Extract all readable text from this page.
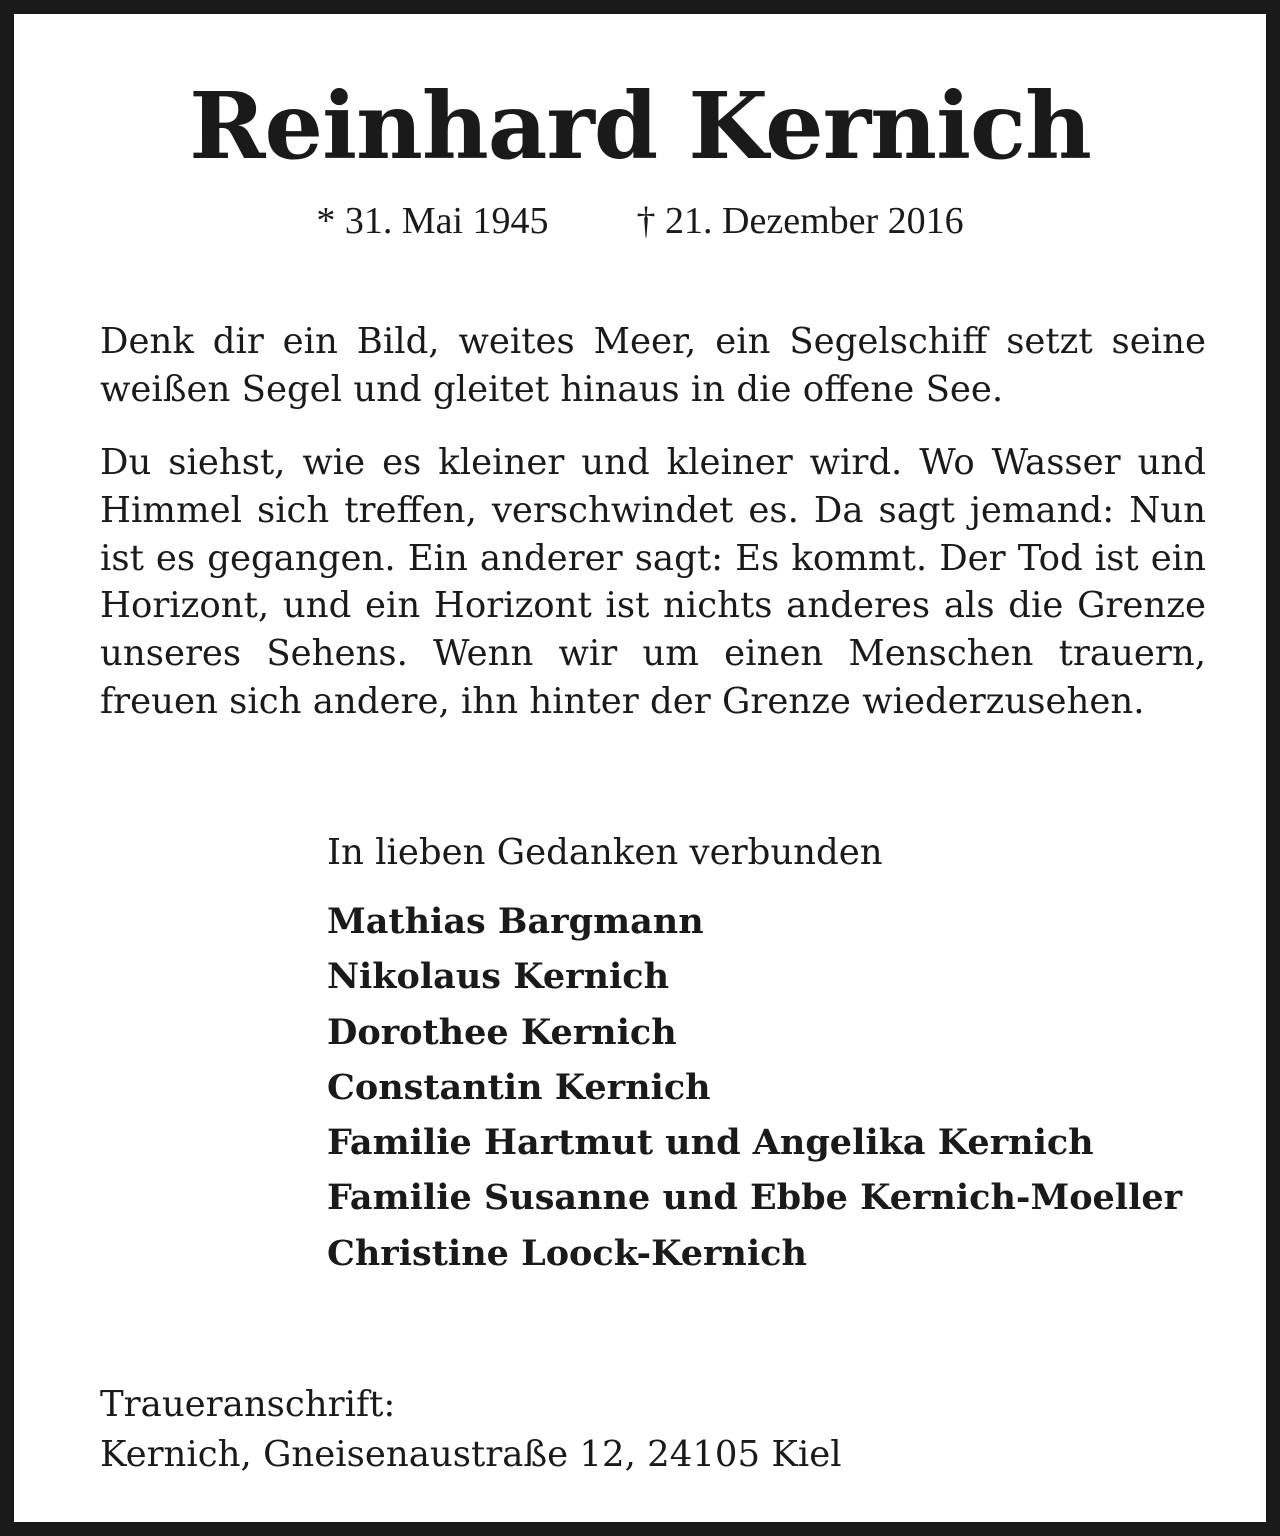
Reinhard Kernich
* 31. Mai 1945 † 21. Dezember 2016

Denk dir ein Bild, weites Meer, ein Segelschiff setzt seine weißen Segel und gleitet hinaus in die offene See.

Du siehst, wie es kleiner und kleiner wird. Wo Wasser und Himmel sich treffen, verschwindet es. Da sagt jemand: Nun ist es gegangen. Ein anderer sagt: Es kommt. Der Tod ist ein Horizont, und ein Horizont ist nichts anderes als die Grenze unseres Sehens. Wenn wir um einen Menschen trauern, freuen sich andere, ihn hinter der Grenze wiederzusehen.

In lieben Gedanken verbunden
Mathias Bargmann
Nikolaus Kernich
Dorothee Kernich
Constantin Kernich
Familie Hartmut und Angelika Kernich
Familie Susanne und Ebbe Kernich-Moeller
Christine Loock-Kernich
Traueranschrift:
Kernich, Gneisenaustraße 12, 24105 Kiel
